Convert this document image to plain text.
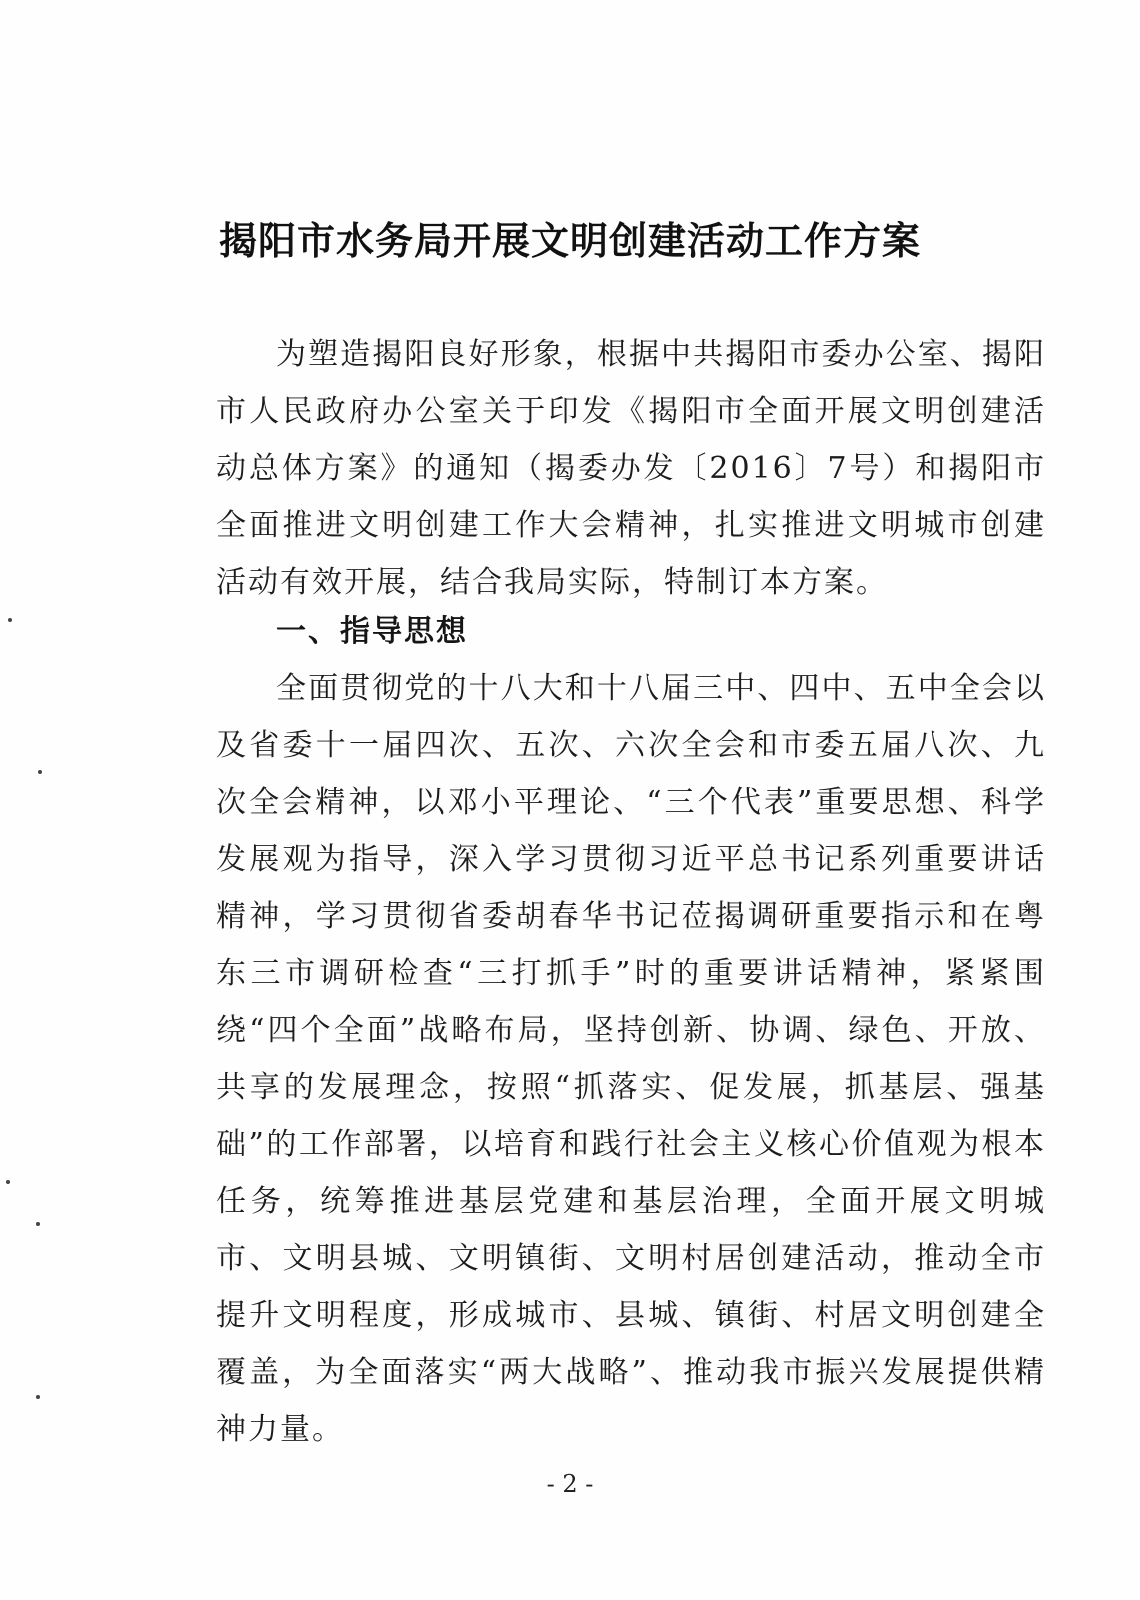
揭阳市水务局开展文明创建活动工作方案

为塑造揭阳良好形象，根据中共揭阳市委办公室、揭阳市人民政府办公室关于印发《揭阳市全面开展文明创建活动总体方案》的通知（揭委办发〔2016〕7号）和揭阳市全面推进文明创建工作大会精神，扎实推进文明城市创建活动有效开展，结合我局实际，特制订本方案。

一、指导思想

全面贯彻党的十八大和十八届三中、四中、五中全会以及省委十一届四次、五次、六次全会和市委五届八次、九次全会精神，以邓小平理论、“三个代表”重要思想、科学发展观为指导，深入学习贯彻习近平总书记系列重要讲话精神，学习贯彻省委胡春华书记莅揭调研重要指示和在粤东三市调研检查“三打抓手”时的重要讲话精神，紧紧围绕“四个全面”战略布局，坚持创新、协调、绿色、开放、共享的发展理念，按照“抓落实、促发展，抓基层、强基础”的工作部署，以培育和践行社会主义核心价值观为根本任务，统筹推进基层党建和基层治理，全面开展文明城市、文明县城、文明镇街、文明村居创建活动，推动全市提升文明程度，形成城市、县城、镇街、村居文明创建全覆盖，为全面落实“两大战略”、推动我市振兴发展提供精神力量。

- 2 -
